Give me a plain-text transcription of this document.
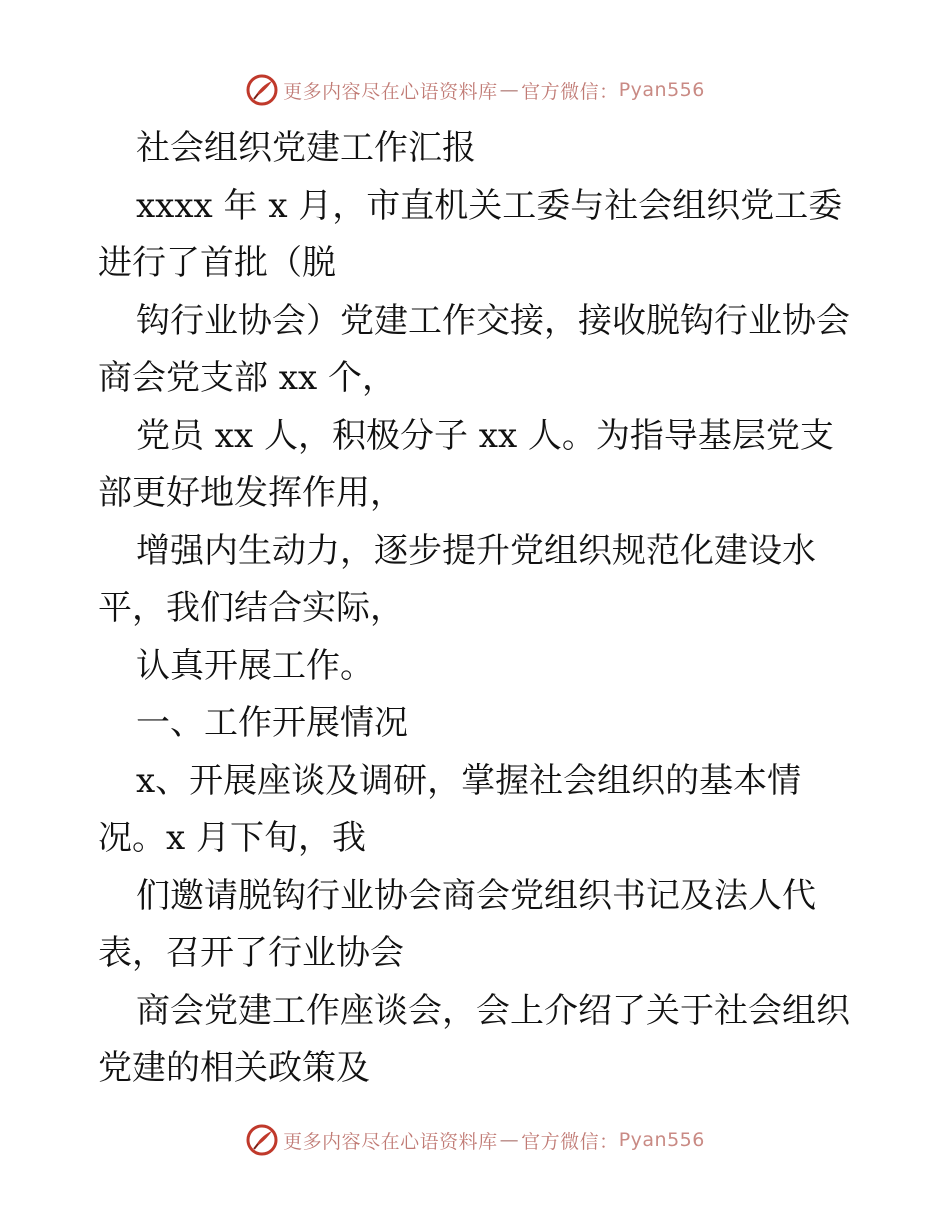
更多内容尽在心语资料库 — 官方微信： Pyan556
社会组织党建工作汇报
xxxx 年 x 月，市直机关工委与社会组织党工委
进行了首批（脱
钩行业协会）党建工作交接，接收脱钩行业协会
商会党支部 xx 个，
党员 xx 人，积极分子 xx 人。为指导基层党支
部更好地发挥作用，
增强内生动力，逐步提升党组织规范化建设水
平，我们结合实际，
认真开展工作。
一、工作开展情况
x、开展座谈及调研，掌握社会组织的基本情
况。x 月下旬，我
们邀请脱钩行业协会商会党组织书记及法人代
表，召开了行业协会
商会党建工作座谈会，会上介绍了关于社会组织
党建的相关政策及
更多内容尽在心语资料库 — 官方微信： Pyan556
